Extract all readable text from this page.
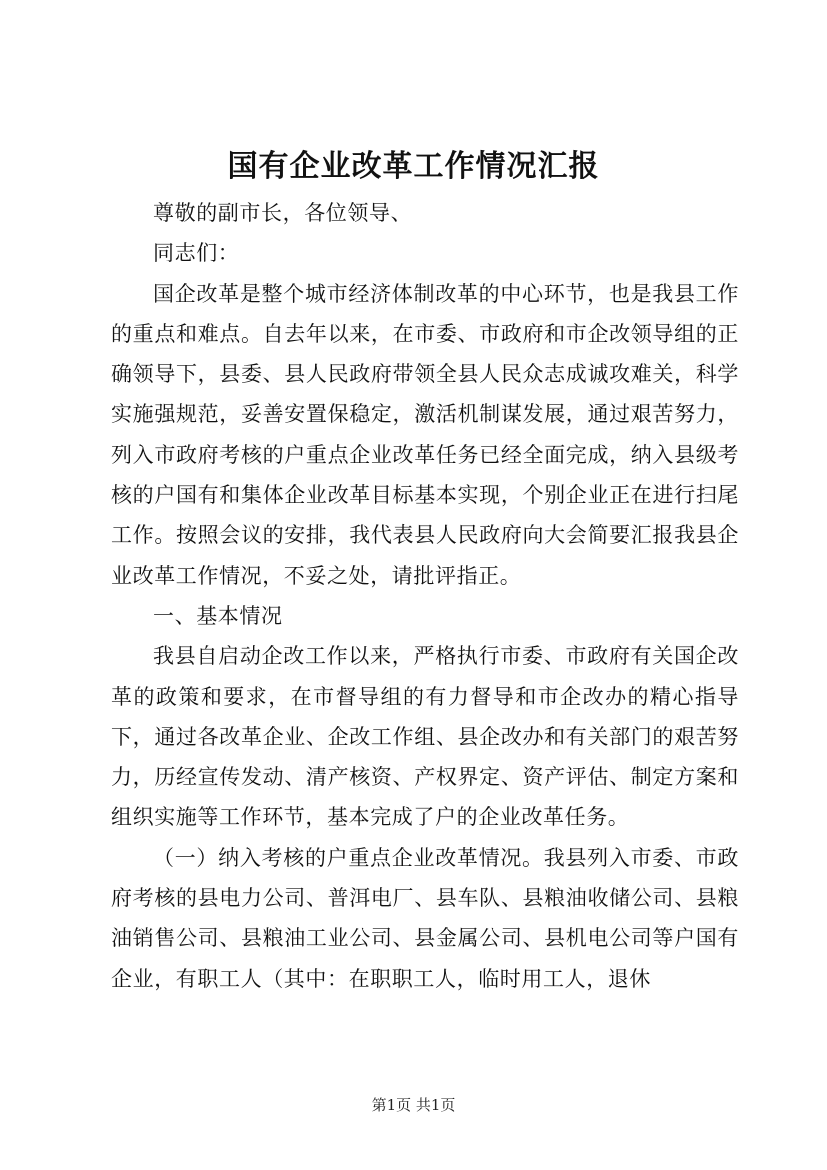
国有企业改革工作情况汇报

尊敬的副市长，各位领导、

同志们：

国企改革是整个城市经济体制改革的中心环节，也是我县工作的重点和难点。自去年以来，在市委、市政府和市企改领导组的正确领导下，县委、县人民政府带领全县人民众志成诚攻难关，科学实施强规范，妥善安置保稳定，激活机制谋发展，通过艰苦努力，列入市政府考核的户重点企业改革任务已经全面完成，纳入县级考核的户国有和集体企业改革目标基本实现，个别企业正在进行扫尾工作。按照会议的安排，我代表县人民政府向大会简要汇报我县企业改革工作情况，不妥之处，请批评指正。

一、基本情况

我县自启动企改工作以来，严格执行市委、市政府有关国企改革的政策和要求，在市督导组的有力督导和市企改办的精心指导下，通过各改革企业、企改工作组、县企改办和有关部门的艰苦努力，历经宣传发动、清产核资、产权界定、资产评估、制定方案和组织实施等工作环节，基本完成了户的企业改革任务。

（一）纳入考核的户重点企业改革情况。我县列入市委、市政府考核的县电力公司、普洱电厂、县车队、县粮油收储公司、县粮油销售公司、县粮油工业公司、县金属公司、县机电公司等户国有企业，有职工人（其中：在职职工人，临时用工人，退休

第1页 共1页
